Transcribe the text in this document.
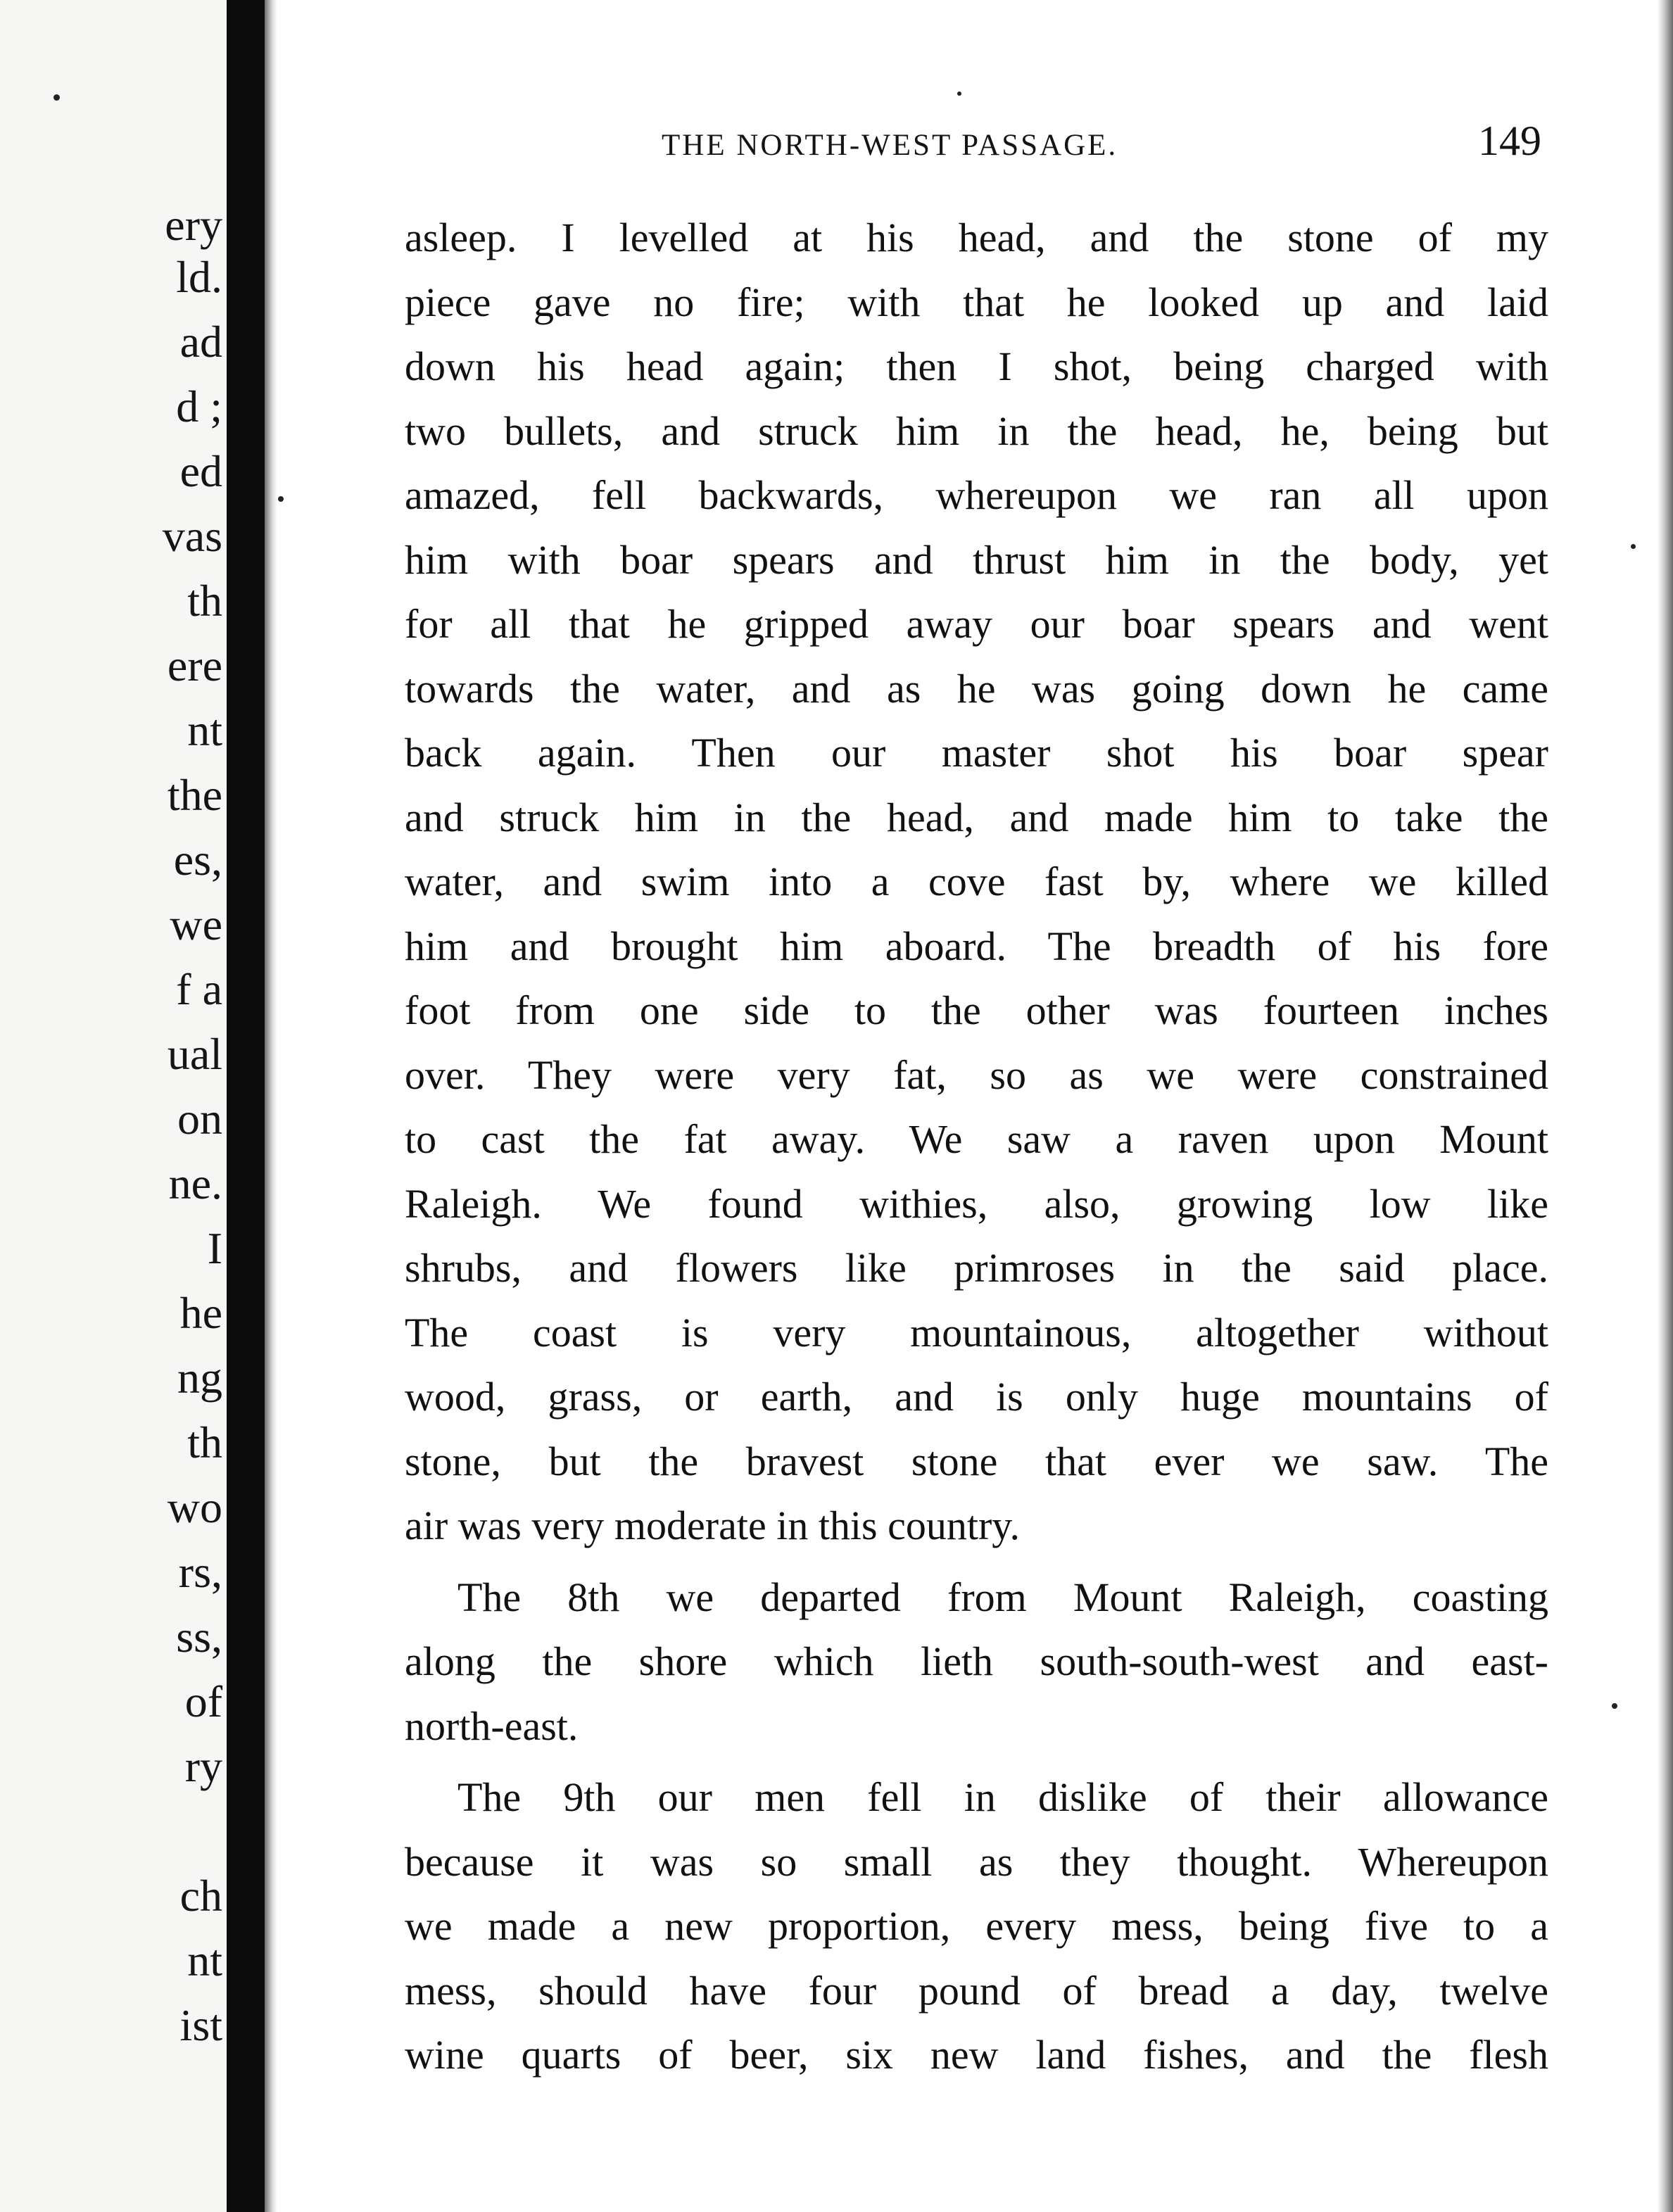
ery
ld.
ad
d ;
ed
vas
th
ere
nt
the
es,
we
f a
ual
on
ne.
I
he
ng
th
wo
rs,
ss,
of
ry
ch
nt
ist
THE NORTH-WEST PASSAGE.	149
asleep. I levelled at his head, and the stone of my
piece gave no fire; with that he looked up and laid
down his head again; then I shot, being charged with
two bullets, and struck him in the head, he, being but
amazed, fell backwards, whereupon we ran all upon
him with boar spears and thrust him in the body, yet
for all that he gripped away our boar spears and went
towards the water, and as he was going down he came
back again. Then our master shot his boar spear
and struck him in the head, and made him to take the
water, and swim into a cove fast by, where we killed
him and brought him aboard. The breadth of his fore
foot from one side to the other was fourteen inches
over. They were very fat, so as we were constrained
to cast the fat away. We saw a raven upon Mount
Raleigh. We found withies, also, growing low like
shrubs, and flowers like primroses in the said place.
The coast is very mountainous, altogether without
wood, grass, or earth, and is only huge mountains of
stone, but the bravest stone that ever we saw. The
air was very moderate in this country.
The 8th we departed from Mount Raleigh, coasting
along the shore which lieth south-south-west and east-
north-east.
The 9th our men fell in dislike of their allowance
because it was so small as they thought. Whereupon
we made a new proportion, every mess, being five to a
mess, should have four pound of bread a day, twelve
wine quarts of beer, six new land fishes, and the flesh
